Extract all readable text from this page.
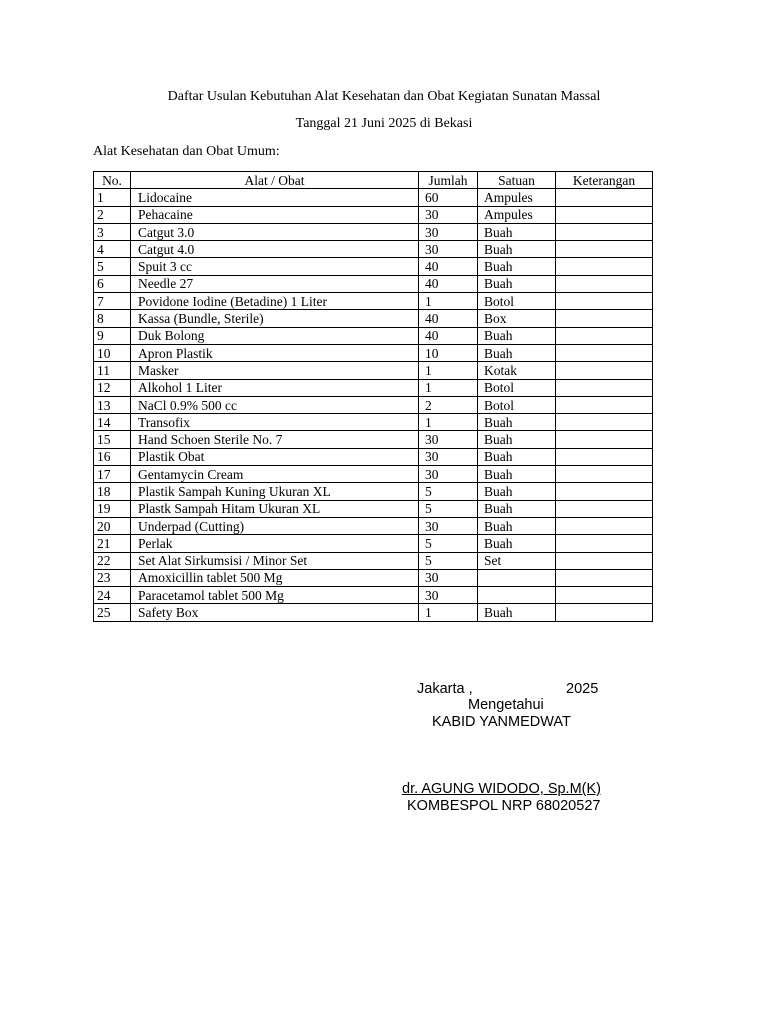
Daftar Usulan Kebutuhan Alat Kesehatan dan Obat Kegiatan Sunatan Massal
Tanggal 21 Juni 2025 di Bekasi
Alat Kesehatan dan Obat Umum:
No.	Alat / Obat	Jumlah	Satuan	Keterangan
1	Lidocaine	60	Ampules	
2	Pehacaine	30	Ampules	
3	Catgut 3.0	30	Buah	
4	Catgut 4.0	30	Buah	
5	Spuit 3 cc	40	Buah	
6	Needle 27	40	Buah	
7	Povidone Iodine (Betadine) 1 Liter	1	Botol	
8	Kassa (Bundle, Sterile)	40	Box	
9	Duk Bolong	40	Buah	
10	Apron Plastik	10	Buah	
11	Masker	1	Kotak	
12	Alkohol 1 Liter	1	Botol	
13	NaCl 0.9% 500 cc	2	Botol	
14	Transofix	1	Buah	
15	Hand Schoen Sterile No. 7	30	Buah	
16	Plastik Obat	30	Buah	
17	Gentamycin Cream	30	Buah	
18	Plastik Sampah Kuning Ukuran XL	5	Buah	
19	Plastk Sampah Hitam Ukuran XL	5	Buah	
20	Underpad (Cutting)	30	Buah	
21	Perlak	5	Buah	
22	Set Alat Sirkumsisi / Minor Set	5	Set	
23	Amoxicillin tablet 500 Mg	30		
24	Paracetamol tablet 500 Mg	30		
25	Safety Box	1	Buah	
Jakarta ,	2025
Mengetahui
KABID YANMEDWAT
dr. AGUNG WIDODO, Sp.M(K)
KOMBESPOL NRP 68020527
